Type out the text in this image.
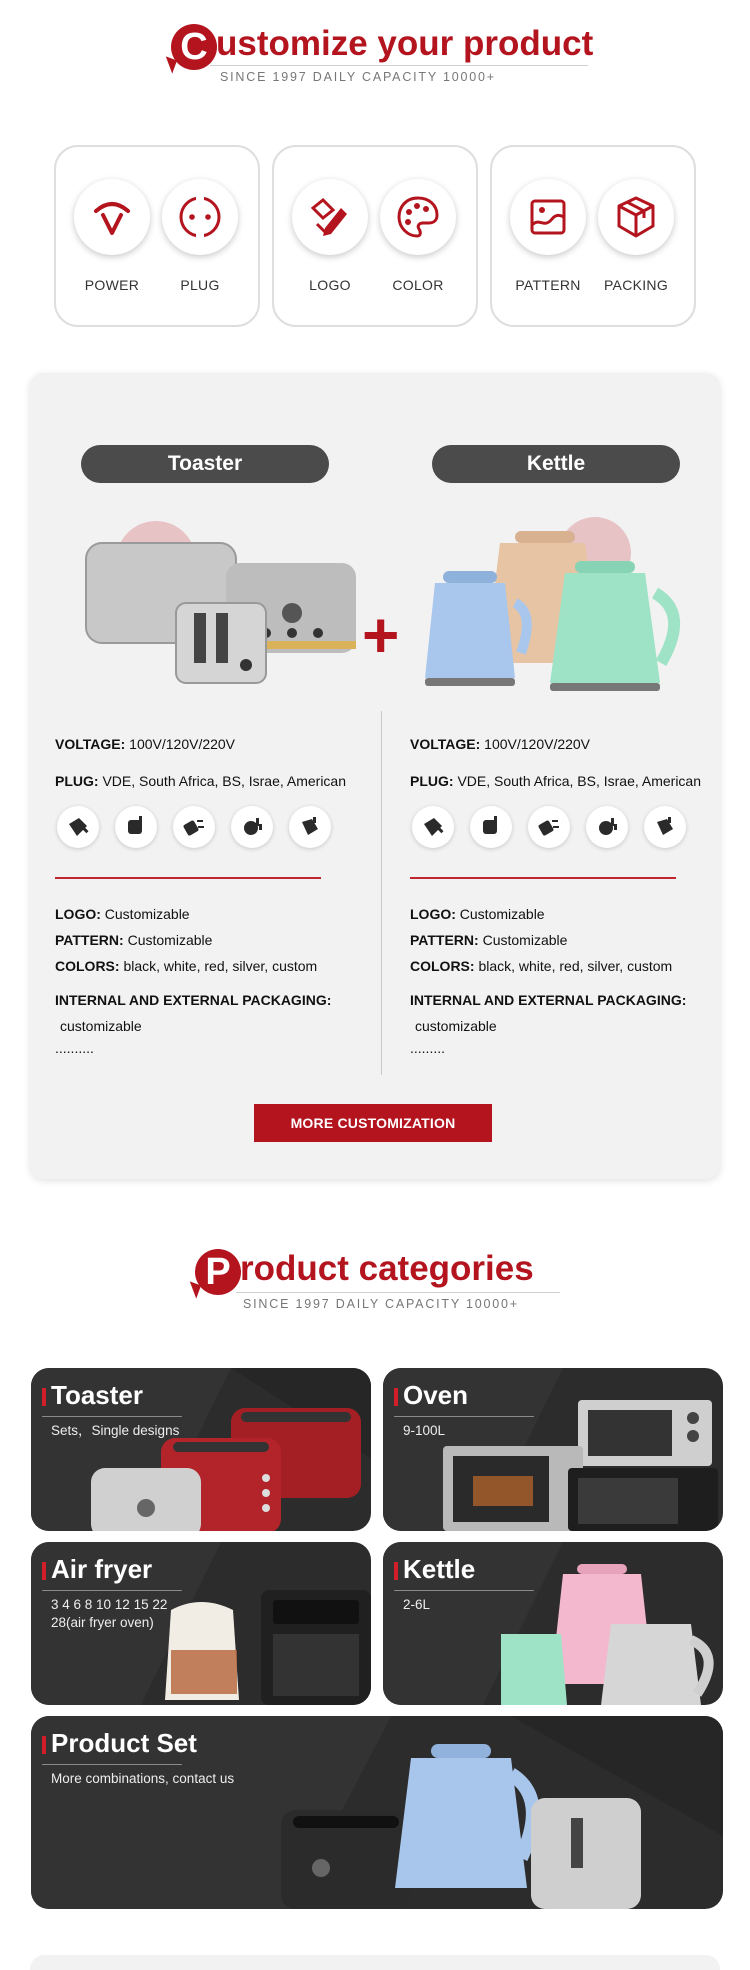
C ustomize your product
SINCE 1997 DAILY CAPACITY 10000+
POWER	PLUG	LOGO	COLOR	PATTERN	PACKING
Toaster	Kettle
+
VOLTAGE: 100V/120V/220V
PLUG: VDE, South Africa, BS, Israe, American
LOGO: Customizable
PATTERN: Customizable
COLORS: black, white, red, silver, custom
INTERNAL AND EXTERNAL PACKAGING:
customizable
..........
VOLTAGE: 100V/120V/220V
PLUG: VDE, South Africa, BS, Israe, American
LOGO: Customizable
PATTERN: Customizable
COLORS: black, white, red, silver, custom
INTERNAL AND EXTERNAL PACKAGING:
customizable
.........
MORE CUSTOMIZATION
P roduct categories
SINCE 1997 DAILY CAPACITY 10000+
Toaster
Sets，Single designs
Oven
9-100L
Air fryer
3 4 6 8 10 12 15 22
28(air fryer oven)
Kettle
2-6L
Product Set
More combinations, contact us
